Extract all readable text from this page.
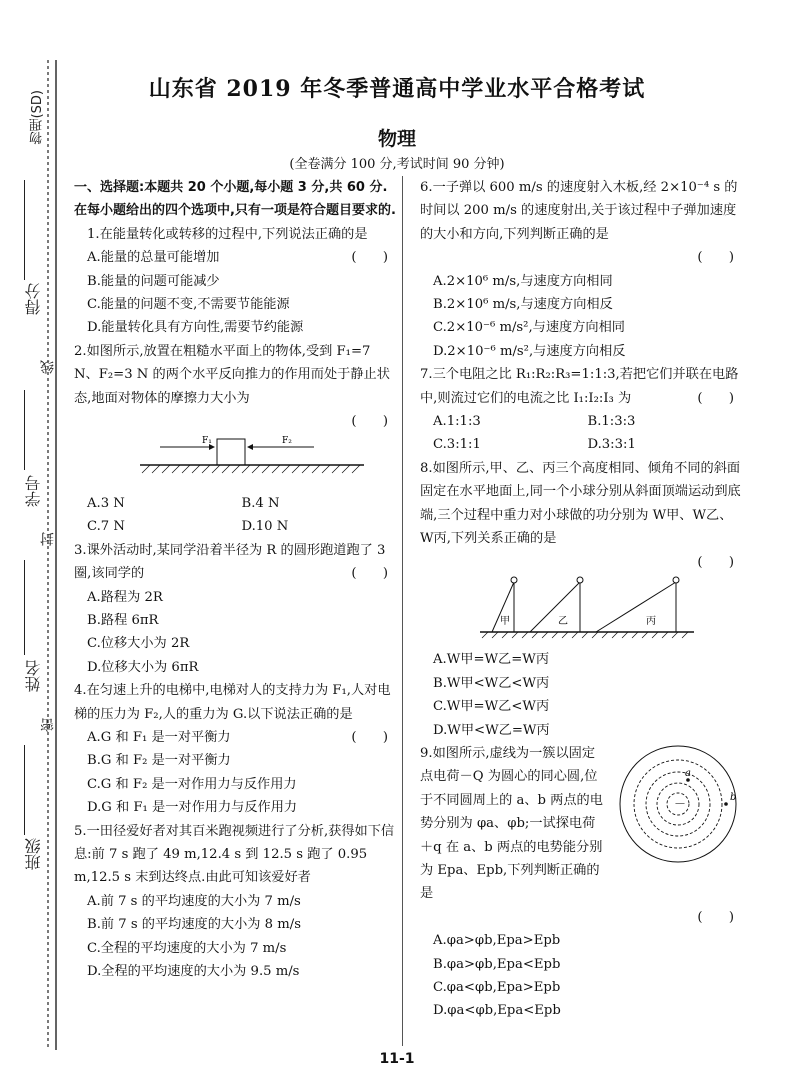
物理(SD)
得分
线
学号
封
姓名
密
班级
山东省 2019 年冬季普通高中学业水平合格考试
物理
(全卷满分 100 分,考试时间 90 分钟)

一、选择题:本题共 20 个小题,每小题 3 分,共 60 分.在每小题给出的四个选项中,只有一项是符合题目要求的.

1.在能量转化或转移的过程中,下列说法正确的是
(　　)

A.能量的总量可能增加

B.能量的问题可能减少

C.能量的问题不变,不需要节能能源

D.能量转化具有方向性,需要节约能源

2.如图所示,放置在粗糙水平面上的物体,受到 F₁=7 N、F₂=3 N 的两个水平反向推力的作用而处于静止状态,地面对物体的摩擦力大小为

(　　)

F₁	F₂
A.3 N	B.4 N
C.7 N	D.10 N

3.课外活动时,某同学沿着半径为 R 的圆形跑道跑了 3 圈,该同学的	(　　)

A.路程为 2R

B.路程 6πR

C.位移大小为 2R

D.位移大小为 6πR

4.在匀速上升的电梯中,电梯对人的支持力为 F₁,人对电梯的压力为 F₂,人的重力为 G.以下说法正确的是
(　　)

A.G 和 F₁ 是一对平衡力

B.G 和 F₂ 是一对平衡力

C.G 和 F₂ 是一对作用力与反作用力

D.G 和 F₁ 是一对作用力与反作用力

5.一田径爱好者对其百米跑视频进行了分析,获得如下信息:前 7 s 跑了 49 m,12.4 s 到 12.5 s 跑了 0.95 m,12.5 s 末到达终点.由此可知该爱好者

A.前 7 s 的平均速度的大小为 7 m/s

B.前 7 s 的平均速度的大小为 8 m/s

C.全程的平均速度的大小为 7 m/s

D.全程的平均速度的大小为 9.5 m/s

6.一子弹以 600 m/s 的速度射入木板,经 2×10⁻⁴ s 的时间以 200 m/s 的速度射出,关于该过程中子弹加速度的大小和方向,下列判断正确的是

(　　)

A.2×10⁶ m/s,与速度方向相同

B.2×10⁶ m/s,与速度方向相反

C.2×10⁻⁶ m/s²,与速度方向相同

D.2×10⁻⁶ m/s²,与速度方向相反

7.三个电阻之比 R₁:R₂:R₃=1:1:3,若把它们并联在电路中,则流过它们的电流之比 I₁:I₂:I₃ 为	(　　)

A.1:1:3	B.1:3:3
C.3:1:1	D.3:3:1

8.如图所示,甲、乙、丙三个高度相同、倾角不同的斜面固定在水平地面上,同一个小球分别从斜面顶端运动到底端,三个过程中重力对小球做的功分别为 W甲、W乙、W丙,下列关系正确的是

(　　)

甲	乙	丙

A.W甲=W乙=W丙

B.W甲<W乙<W丙

C.W甲=W乙<W丙

D.W甲<W乙=W丙

9.如图所示,虚线为一簇以固定点电荷－Q 为圆心的同心圆,位于不同圆周上的 a、b 两点的电势分别为 φa、φb;一试探电荷＋q 在 a、b 两点的电势能分别为 Epa、Epb,下列判断正确的是

－
a
b

(　　)

A.φa>φb,Epa>Epb

B.φa>φb,Epa<Epb

C.φa<φb,Epa>Epb

D.φa<φb,Epa<Epb

11-1
